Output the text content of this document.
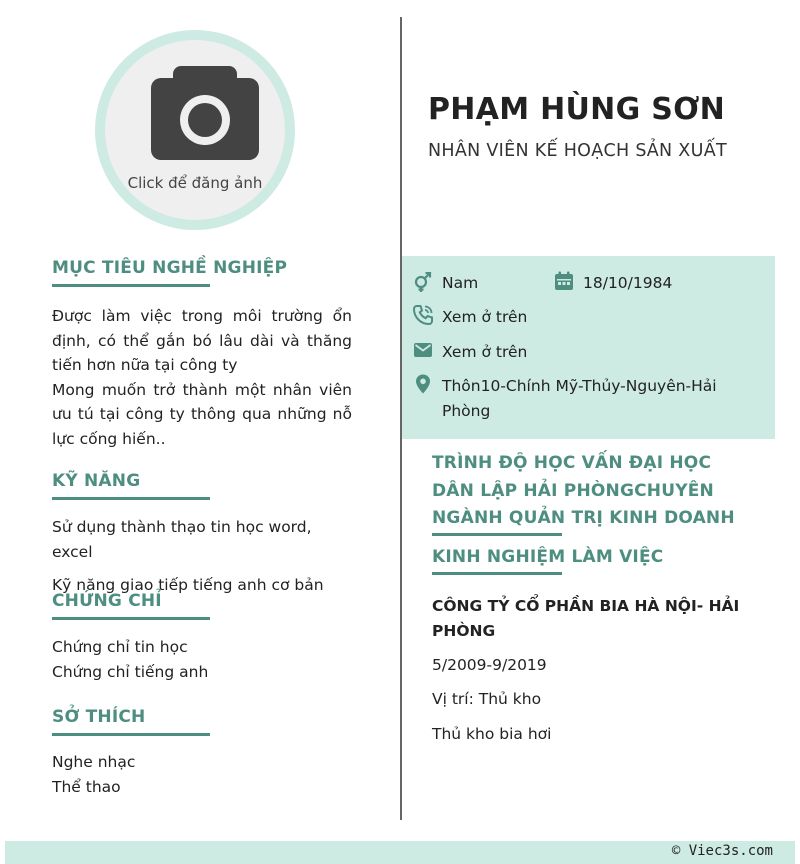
Click để đăng ảnh
PHẠM HÙNG SƠN
NHÂN VIÊN KẾ HOẠCH SẢN XUẤT
MỤC TIÊU NGHỀ NGHIỆP
Được làm việc trong môi trường ổn định, có thể gắn bó lâu dài và thăng tiến hơn nữa tại công ty
Mong muốn trở thành một nhân viên ưu tú tại công ty thông qua những nỗ lực cống hiến..
KỸ NĂNG
Sử dụng thành thạo tin học word, excel
Kỹ năng giao tiếp tiếng anh cơ bản
CHỨNG CHỈ
Chứng chỉ tin học
Chứng chỉ tiếng anh
SỞ THÍCH
Nghe nhạc
Thể thao
Nam	18/10/1984
Xem ở trên
Xem ở trên
Thôn10-Chính Mỹ-Thủy-Nguyên-Hải Phòng
TRÌNH ĐỘ HỌC VẤN ĐẠI HỌC DÂN LẬP HẢI PHÒNGCHUYÊN NGÀNH QUẢN TRỊ KINH DOANH
KINH NGHIỆM LÀM VIỆC
CÔNG TỶ CỔ PHẦN BIA HÀ NỘI- HẢI PHÒNG
5/2009-9/2019
Vị trí: Thủ kho
Thủ kho bia hơi
© Viec3s.com
